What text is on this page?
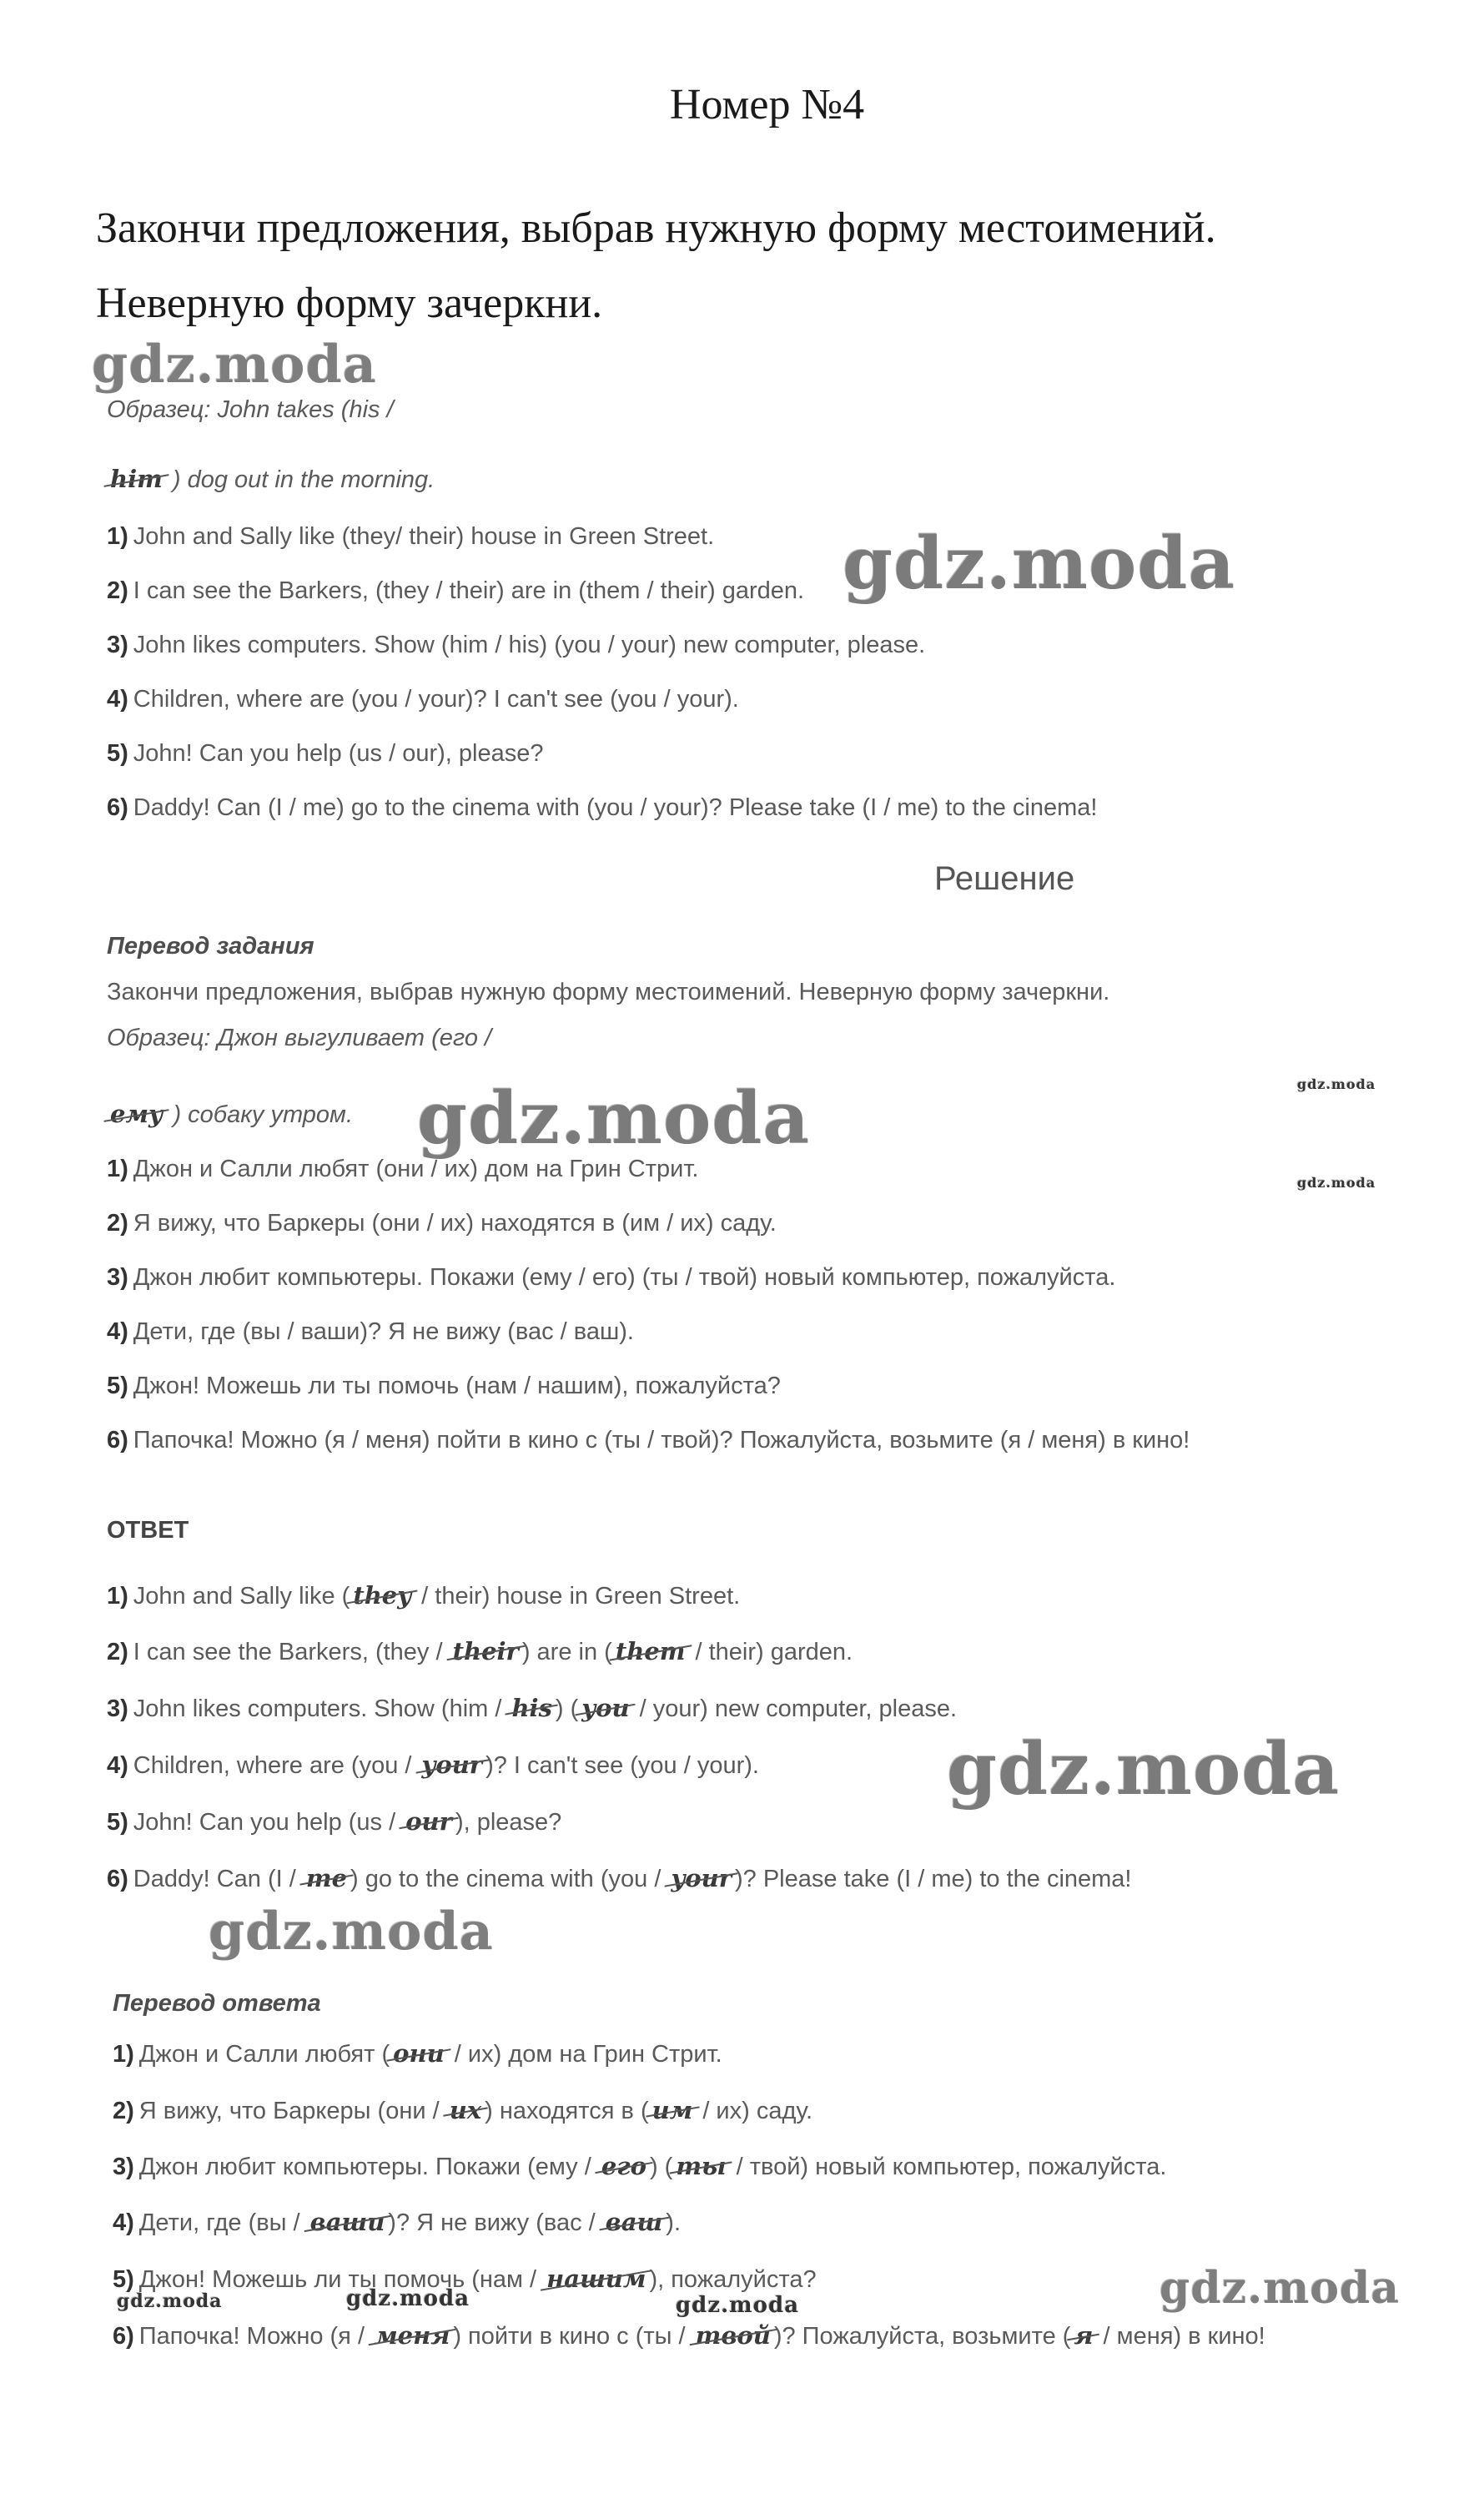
Номер №4
Закончи предложения, выбрав нужную форму местоимений.
Неверную форму зачеркни.
Образец: John takes (his /
him ) dog out in the morning.
1) John and Sally like (they/ their) house in Green Street.
2) I can see the Barkers, (they / their) are in (them / their) garden.
3) John likes computers. Show (him / his) (you / your) new computer, please.
4) Children, where are (you / your)? I can't see (you / your).
5) John! Can you help (us / our), please?
6) Daddy! Can (I / me) go to the cinema with (you / your)? Please take (I / me) to the cinema!
Решение
Перевод задания
Закончи предложения, выбрав нужную форму местоимений. Неверную форму зачеркни.
Образец: Джон выгуливает (его /
ему ) собаку утром.
1) Джон и Салли любят (они / их) дом на Грин Стрит.
2) Я вижу, что Баркеры (они / их) находятся в (им / их) саду.
3) Джон любит компьютеры. Покажи (ему / его) (ты / твой) новый компьютер, пожалуйста.
4) Дети, где (вы / ваши)? Я не вижу (вас / ваш).
5) Джон! Можешь ли ты помочь (нам / нашим), пожалуйста?
6) Папочка! Можно (я / меня) пойти в кино с (ты / твой)? Пожалуйста, возьмите (я / меня) в кино!
ОТВЕТ
1) John and Sally like ( they / their) house in Green Street.
2) I can see the Barkers, (they / their ) are in ( them / their) garden.
3) John likes computers. Show (him / his ) ( you / your) new computer, please.
4) Children, where are (you / your )? I can't see (you / your).
5) John! Can you help (us / our ), please?
6) Daddy! Can (I / me ) go to the cinema with (you / your )? Please take (I / me) to the cinema!
Перевод ответа
1) Джон и Салли любят ( они / их) дом на Грин Стрит.
2) Я вижу, что Баркеры (они / их ) находятся в ( им / их) саду.
3) Джон любит компьютеры. Покажи (ему / его ) ( ты / твой) новый компьютер, пожалуйста.
4) Дети, где (вы / ваши )? Я не вижу (вас / ваш ).
5) Джон! Можешь ли ты помочь (нам / нашим ), пожалуйста?
6) Папочка! Можно (я / меня ) пойти в кино с (ты / твой )? Пожалуйста, возьмите ( я / меня) в кино!
gdz.moda
gdz.moda
gdz.moda	gdz.moda
gdz.moda
gdz.moda
gdz.moda
gdz.moda
gdz.moda	gdz.moda	gdz.moda
